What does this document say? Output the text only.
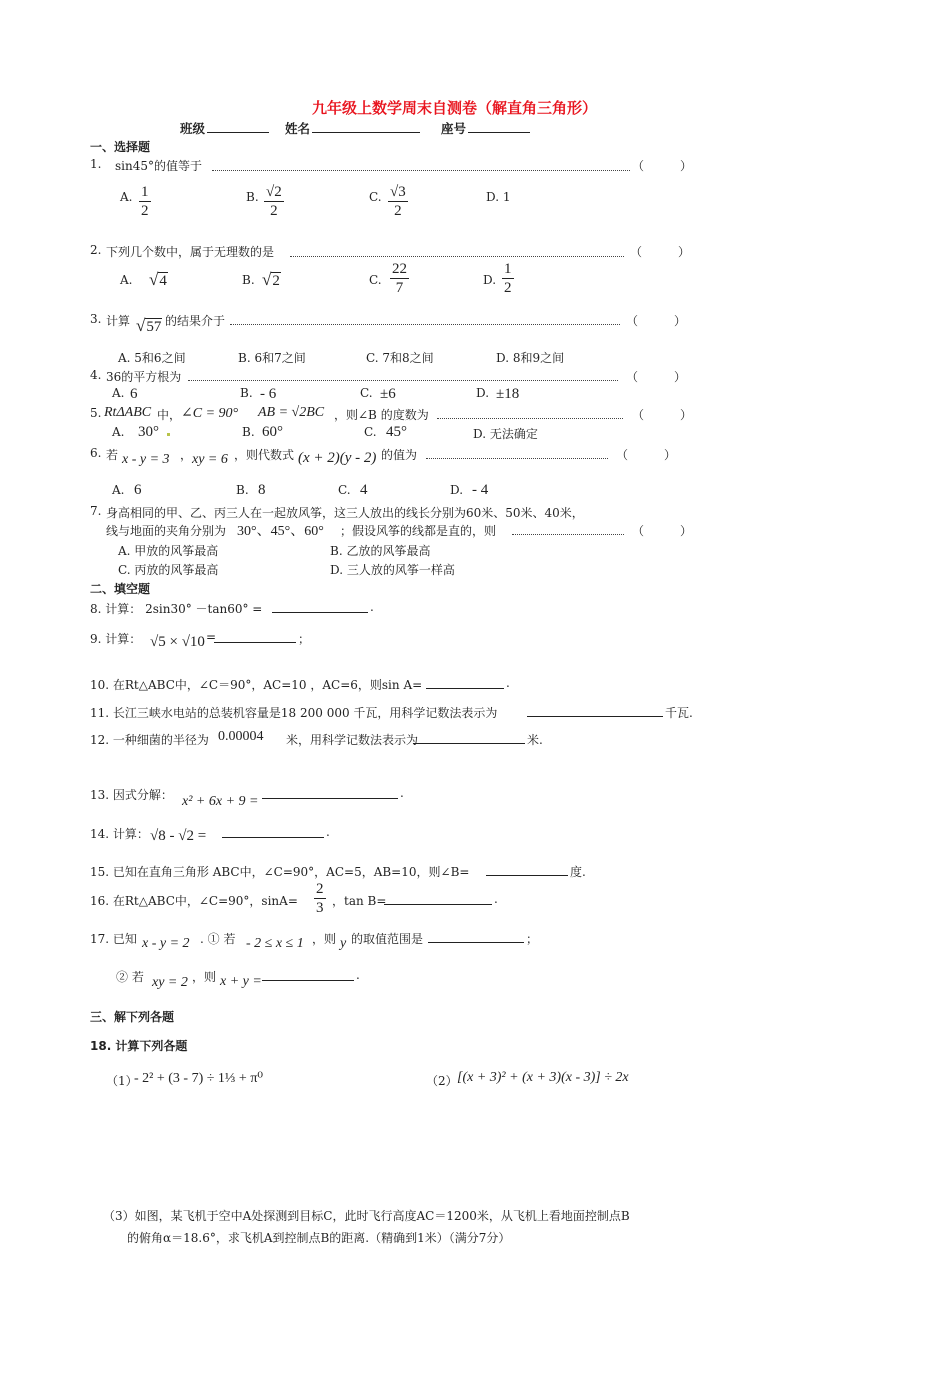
九年级上数学周末自测卷（解直角三角形）
班级	姓名	座号
一、选择题
1. sin45°的值等于	（　　　）
A. $\frac{1}{2}$	B. $\frac{√2}{2}$	C. $\frac{√3}{2}$	D. 1
2. 下列几个数中，属于无理数的是	（　　　）
A. √4	B. √2	C. $\frac{22}{7}$	D. $\frac{1}{2}$
3. 计算 √57 的结果介于	（　　　）
A. 5和6之间	B. 6和7之间	C. 7和8之间	D. 8和9之间
4. 36的平方根为	（　　　）
A. 6	B. - 6	C. ±6	D. ±18
5. RtΔABC 中， ∠C = 90° AB = √2BC ，则∠B 的度数为	（　　　）
A. 30°	B. 60°	C. 45°	D. 无法确定
6. 若 x - y = 3 ， xy = 6 ，则代数式 (x + 2)(y - 2) 的值为	（　　　）
A. 6	B. 8	C. 4	D. - 4
7. 身高相同的甲、乙、丙三人在一起放风筝，这三人放出的线长分别为60米、50米、40米，
线与地面的夹角分别为 30°、45°、60° ；假设风筝的线都是直的，则	（　　　）
A. 甲放的风筝最高	B. 乙放的风筝最高
C. 丙放的风筝最高	D. 三人放的风筝一样高
二、填空题
8. 计算： 2sin30° －tan60° =	.
9. 计算： √5 × √10 =	；
10. 在Rt△ABC中，∠C＝90°，AC=10 ，AC=6，则sin A=	.
11. 长江三峡水电站的总装机容量是18 200 000 千瓦，用科学记数法表示为	千瓦.
12. 一种细菌的半径为 0.00004 米，用科学记数法表示为	米.
13. 因式分解： x² + 6x + 9 =
.
14. 计算： √8 - √2 =	.
15. 已知在直角三角形 ABC中，∠C=90°，AC=5，AB=10，则∠B=	度.
16. 在Rt△ABC中，∠C=90°，$\sin A= \frac{2}{3}$ ，tan B=	.
17. 已知 x - y = 2 . ① 若 - 2 ≤ x ≤ 1 ，则 y 的取值范围是	；
② 若 xy = 2 ，则 x + y =	.
三、解下列各题
18. 计算下列各题
（1）
- 2² + (3 - 7) ÷ 1⅓ + π⁰	（2） [(x + 3)² + (x + 3)(x - 3)] ÷ 2x
（3）如图，某飞机于空中A处探测到目标C，此时飞行高度AC＝1200米，从飞机上看地面控制点B
的俯角α＝18.6°，求飞机A到控制点B的距离.（精确到1米）（满分7分）
